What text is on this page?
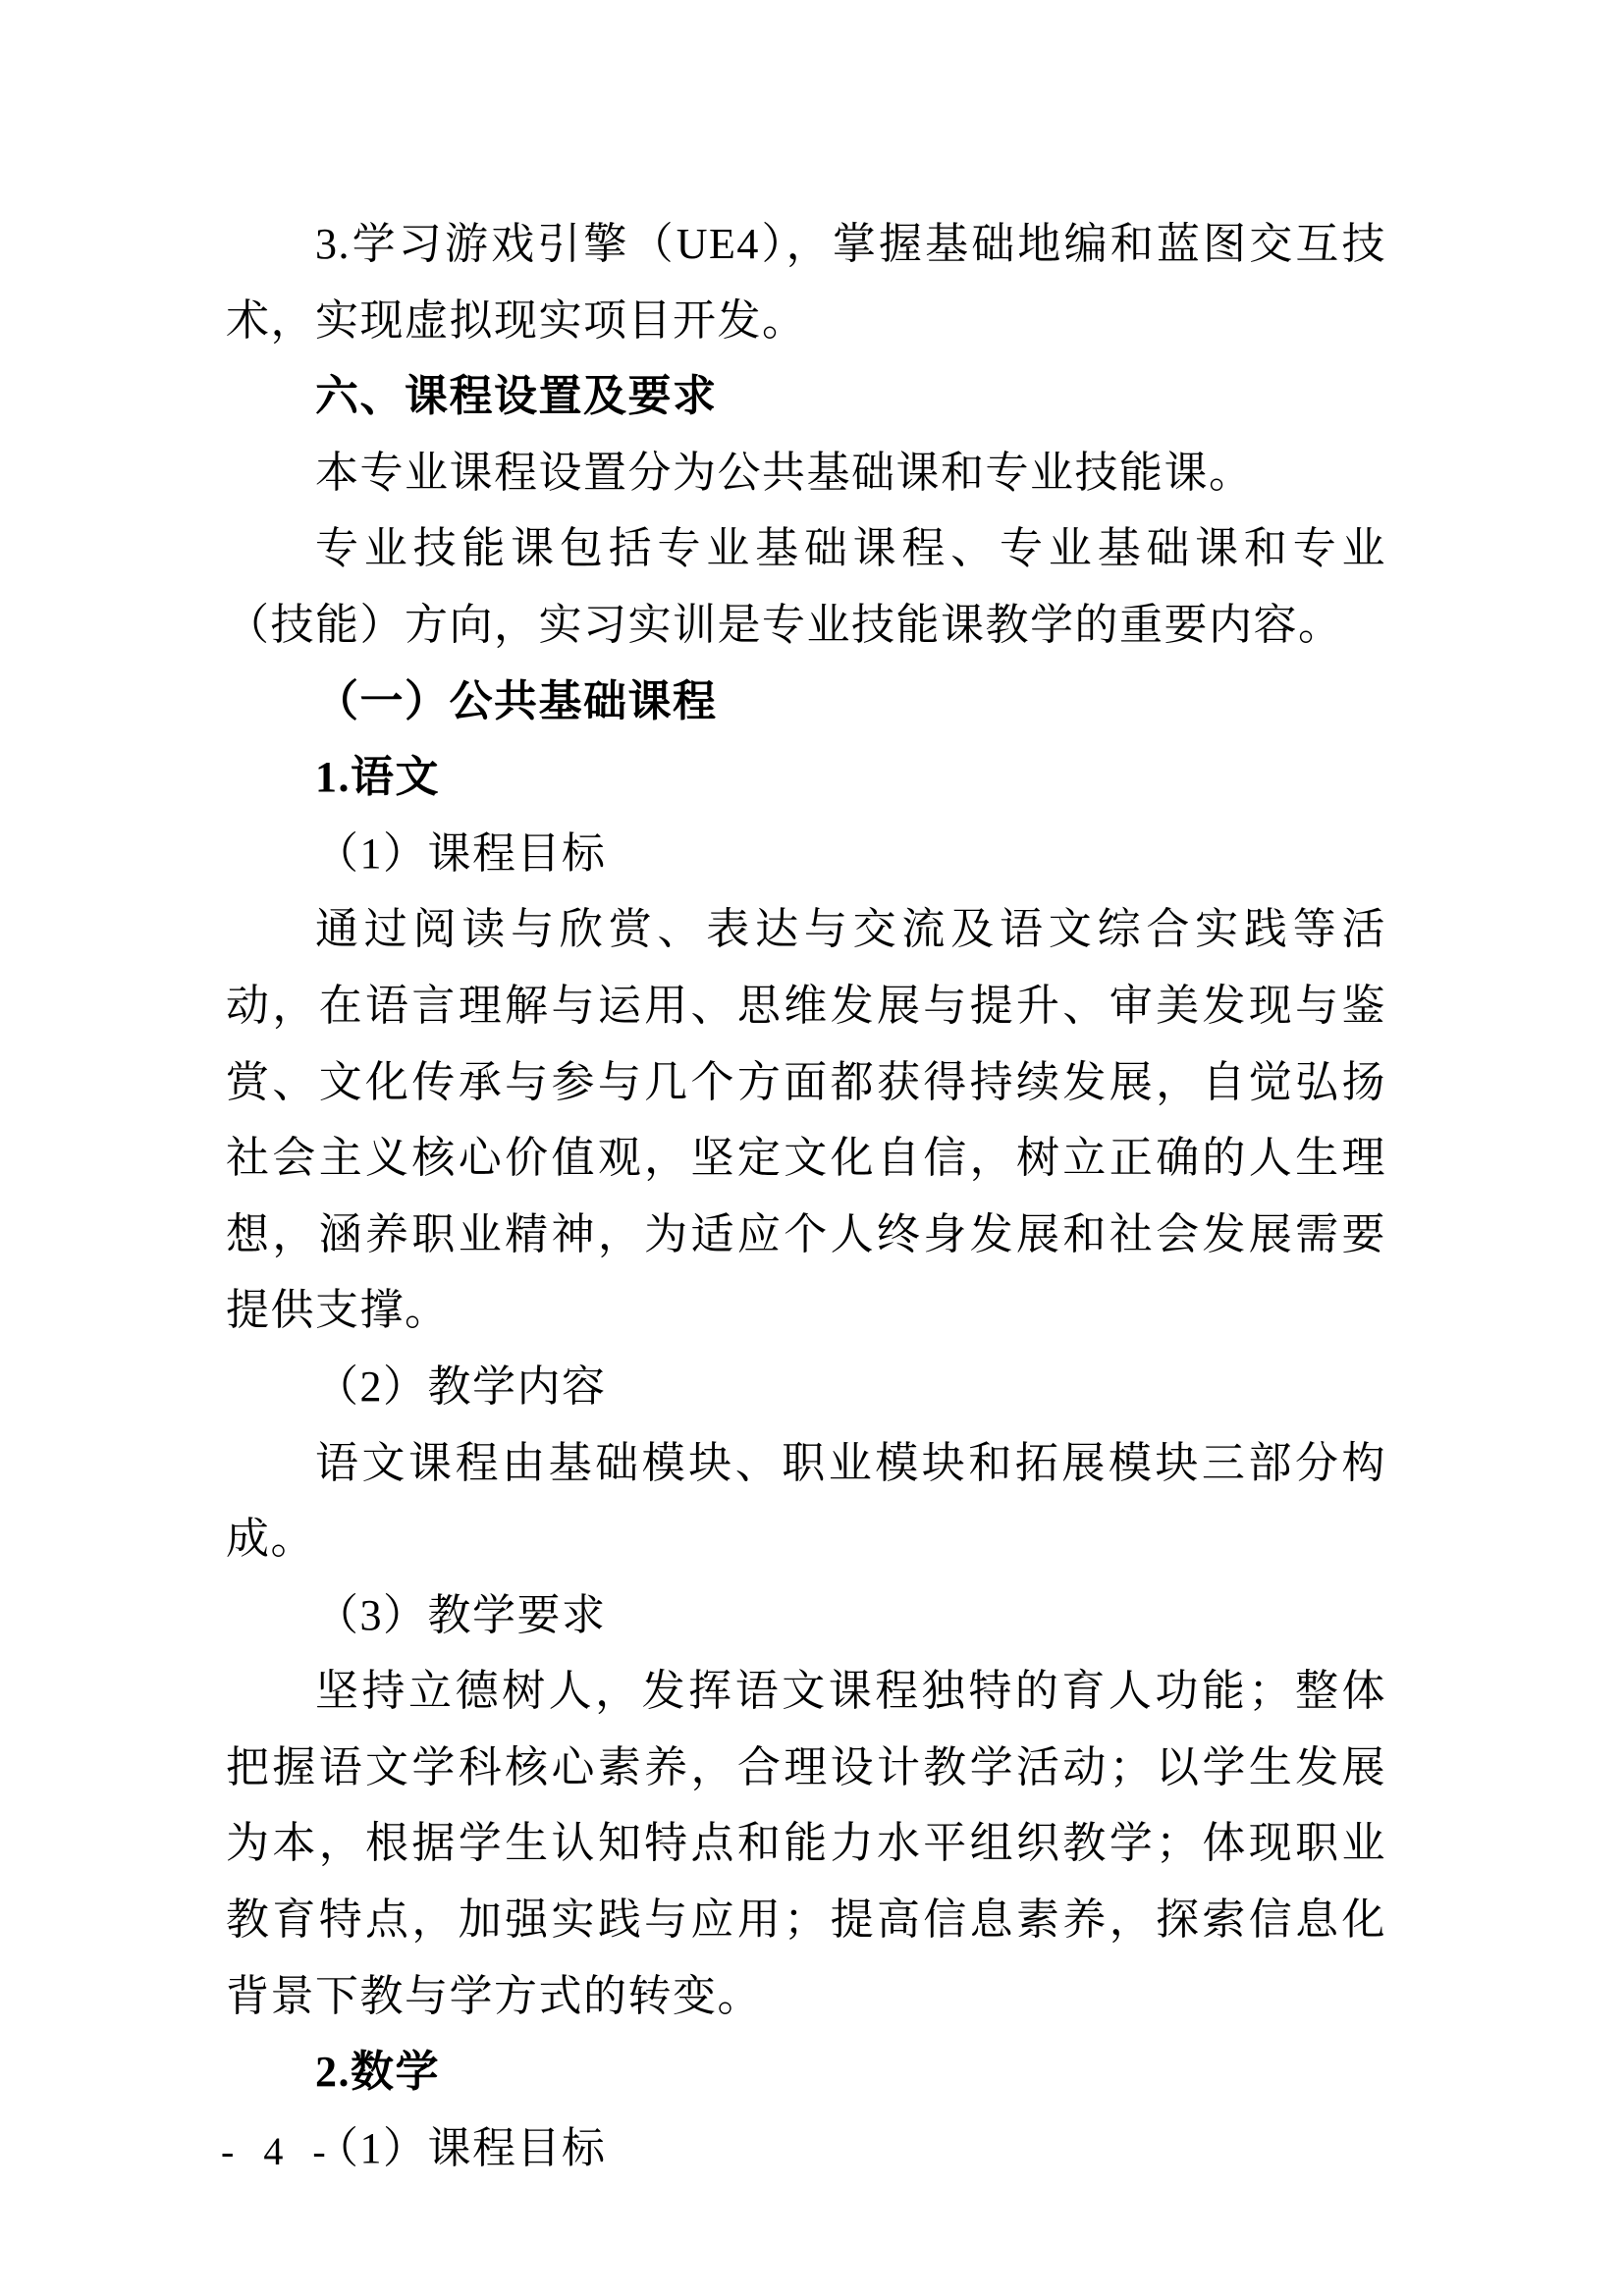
3.学习游戏引擎（UE4），掌握基础地编和蓝图交互技术，实现虚拟现实项目开发。

六、课程设置及要求

本专业课程设置分为公共基础课和专业技能课。

专业技能课包括专业基础课程、专业基础课和专业（技能）方向，实习实训是专业技能课教学的重要内容。

（一）公共基础课程

1.语文

（1）课程目标

通过阅读与欣赏、表达与交流及语文综合实践等活动，在语言理解与运用、思维发展与提升、审美发现与鉴赏、文化传承与参与几个方面都获得持续发展，自觉弘扬社会主义核心价值观，坚定文化自信，树立正确的人生理想，涵养职业精神，为适应个人终身发展和社会发展需要提供支撑。

（2）教学内容

语文课程由基础模块、职业模块和拓展模块三部分构成。

（3）教学要求

坚持立德树人，发挥语文课程独特的育人功能；整体把握语文学科核心素养，合理设计教学活动；以学生发展为本，根据学生认知特点和能力水平组织教学；体现职业教育特点，加强实践与应用；提高信息素养，探索信息化背景下教与学方式的转变。

2.数学

（1）课程目标

- 4 -
